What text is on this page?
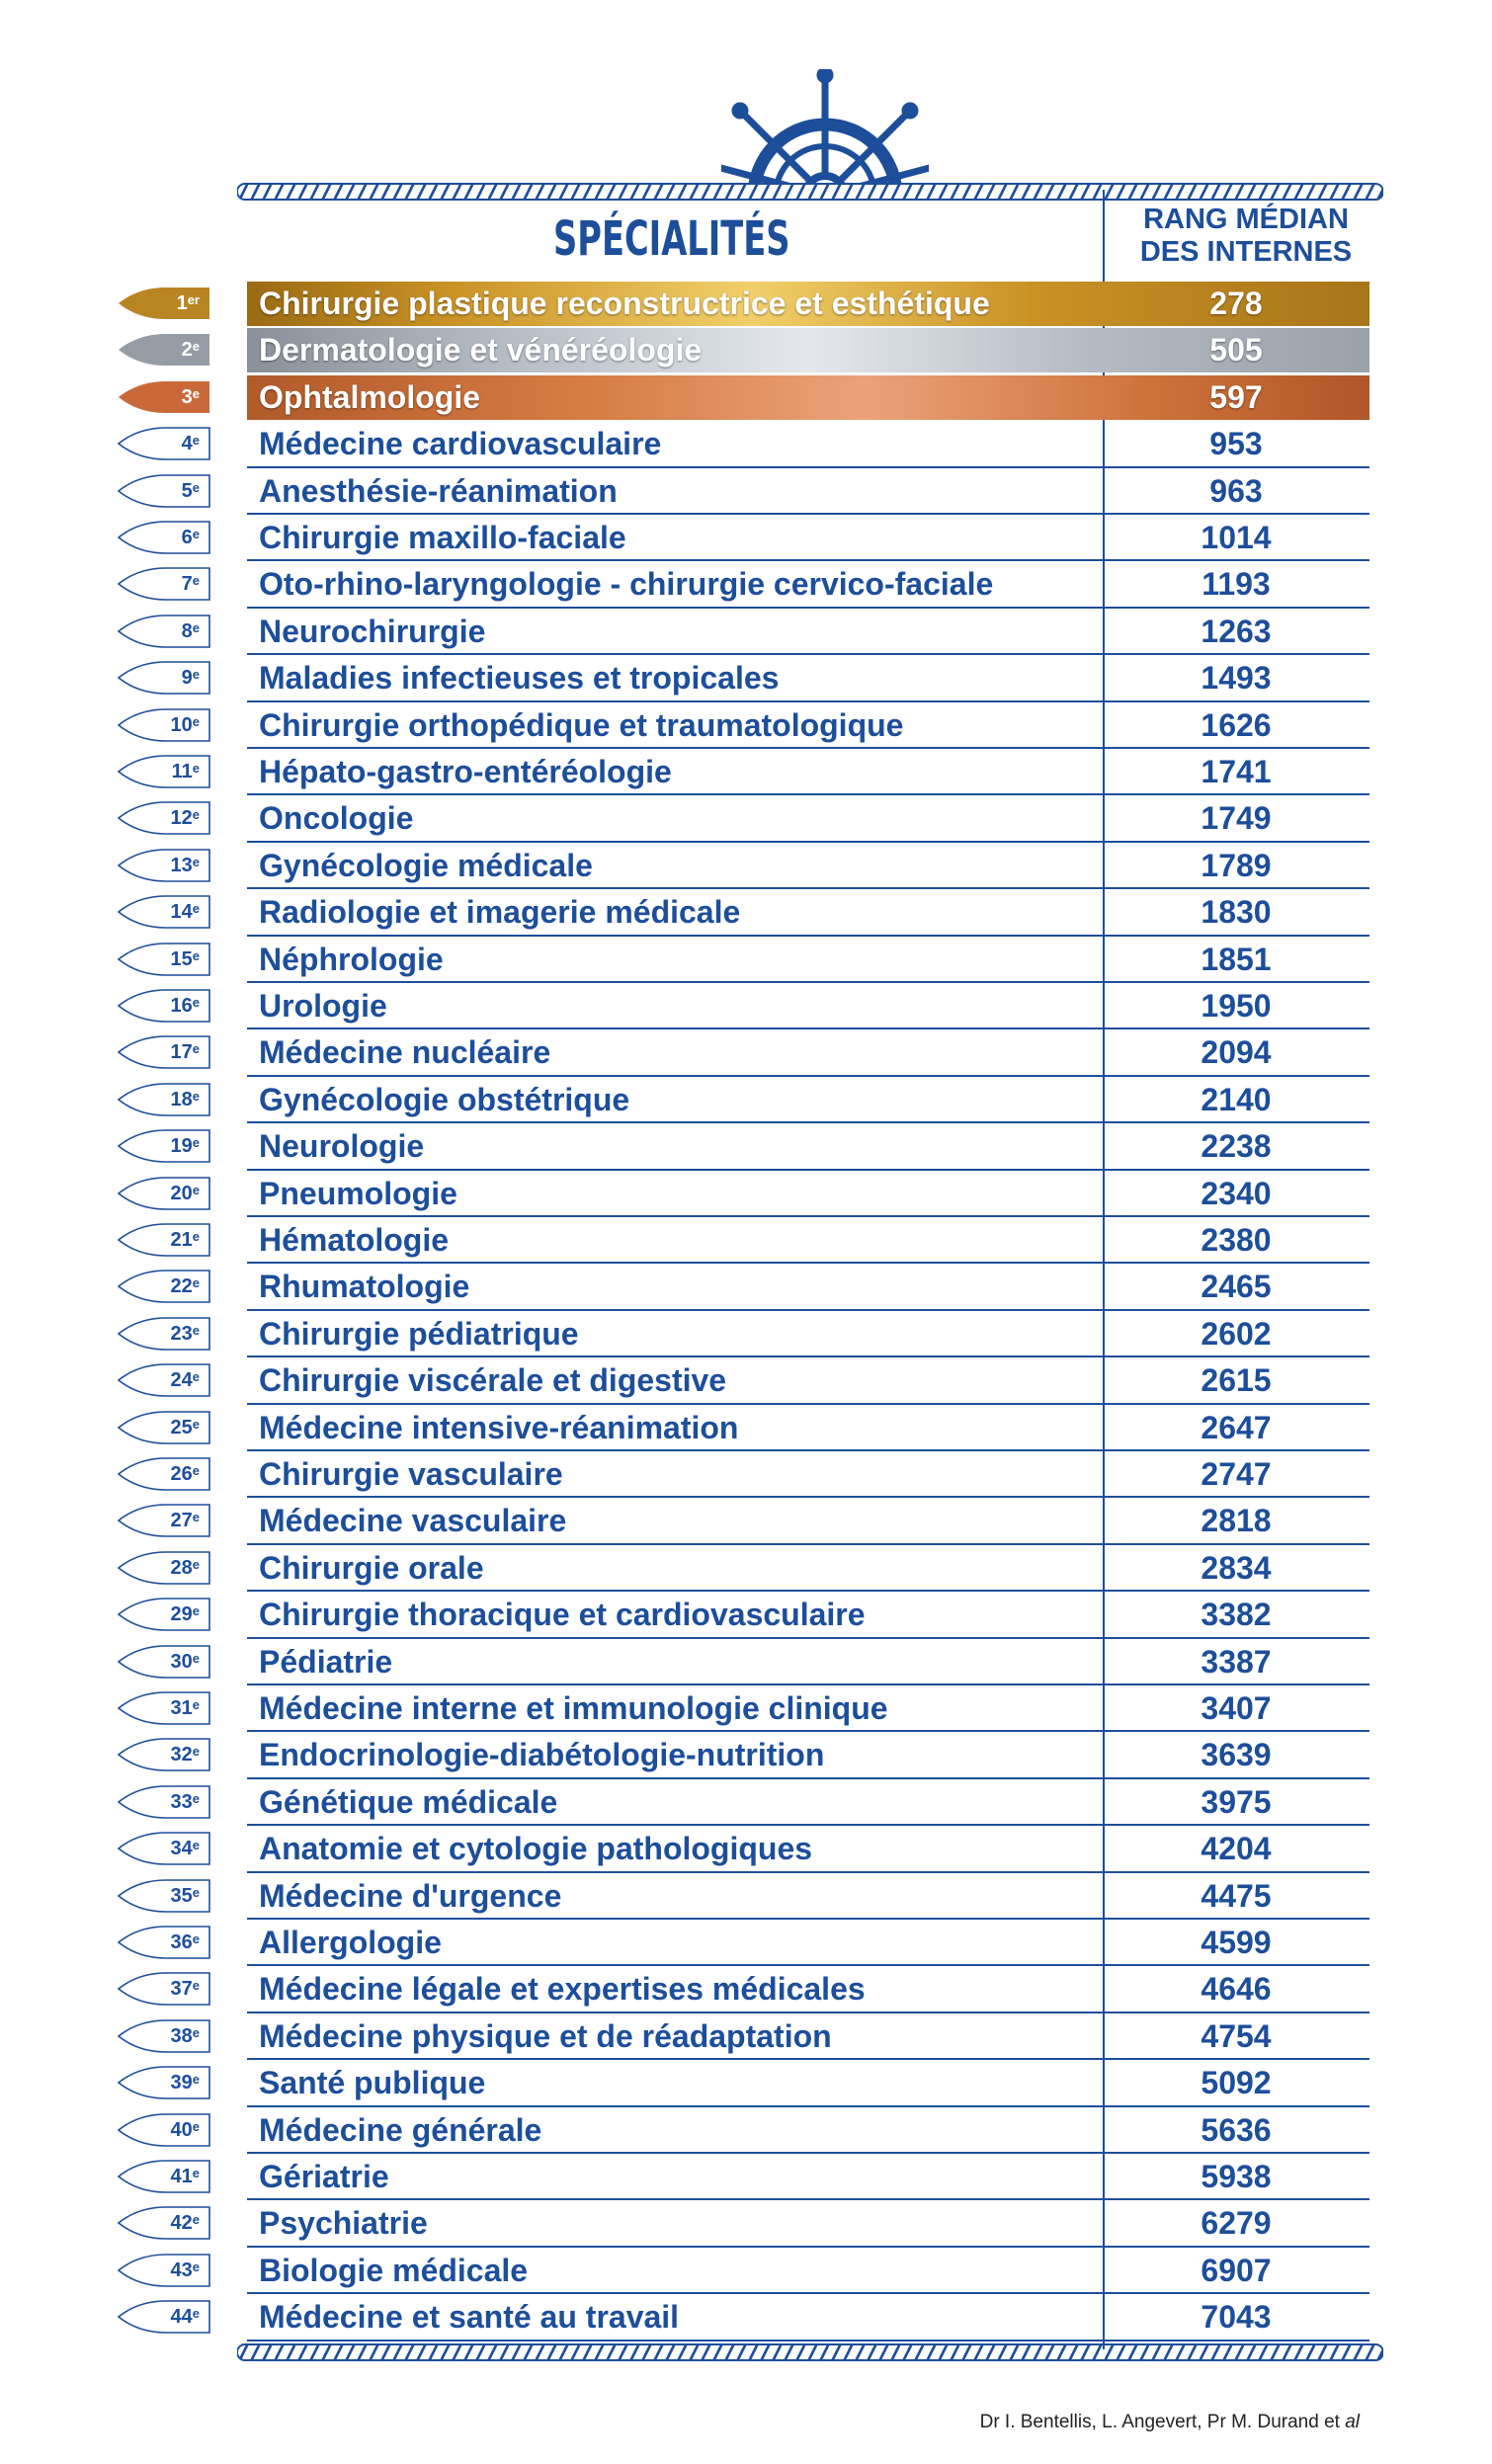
SPÉCIALITÉS	RANG MÉDIAN
DES INTERNES
1er Chirurgie plastique reconstructrice et esthétique	278
2e Dermatologie et vénéréologie	505
3e Ophtalmologie	597
4e Médecine cardiovasculaire	953
5e Anesthésie-réanimation	963
6e Chirurgie maxillo-faciale	1014
7e Oto-rhino-laryngologie - chirurgie cervico-faciale	1193
8e Neurochirurgie	1263
9e Maladies infectieuses et tropicales	1493
10e Chirurgie orthopédique et traumatologique	1626
11e Hépato-gastro-entéréologie	1741
12e Oncologie	1749
13e Gynécologie médicale	1789
14e Radiologie et imagerie médicale	1830
15e Néphrologie	1851
16e Urologie	1950
17e Médecine nucléaire	2094
18e Gynécologie obstétrique	2140
19e Neurologie	2238
20e Pneumologie	2340
21e Hématologie	2380
22e Rhumatologie	2465
23e Chirurgie pédiatrique	2602
24e Chirurgie viscérale et digestive	2615
25e Médecine intensive-réanimation	2647
26e Chirurgie vasculaire	2747
27e Médecine vasculaire	2818
28e Chirurgie orale	2834
29e Chirurgie thoracique et cardiovasculaire	3382
30e Pédiatrie	3387
31e Médecine interne et immunologie clinique	3407
32e Endocrinologie-diabétologie-nutrition	3639
33e Génétique médicale	3975
34e Anatomie et cytologie pathologiques	4204
35e Médecine d'urgence	4475
36e Allergologie	4599
37e Médecine légale et expertises médicales	4646
38e Médecine physique et de réadaptation	4754
39e Santé publique	5092
40e Médecine générale	5636
41e Gériatrie	5938
42e Psychiatrie	6279
43e Biologie médicale	6907
44e Médecine et santé au travail	7043
Dr I. Bentellis, L. Angevert, Pr M. Durand et al
